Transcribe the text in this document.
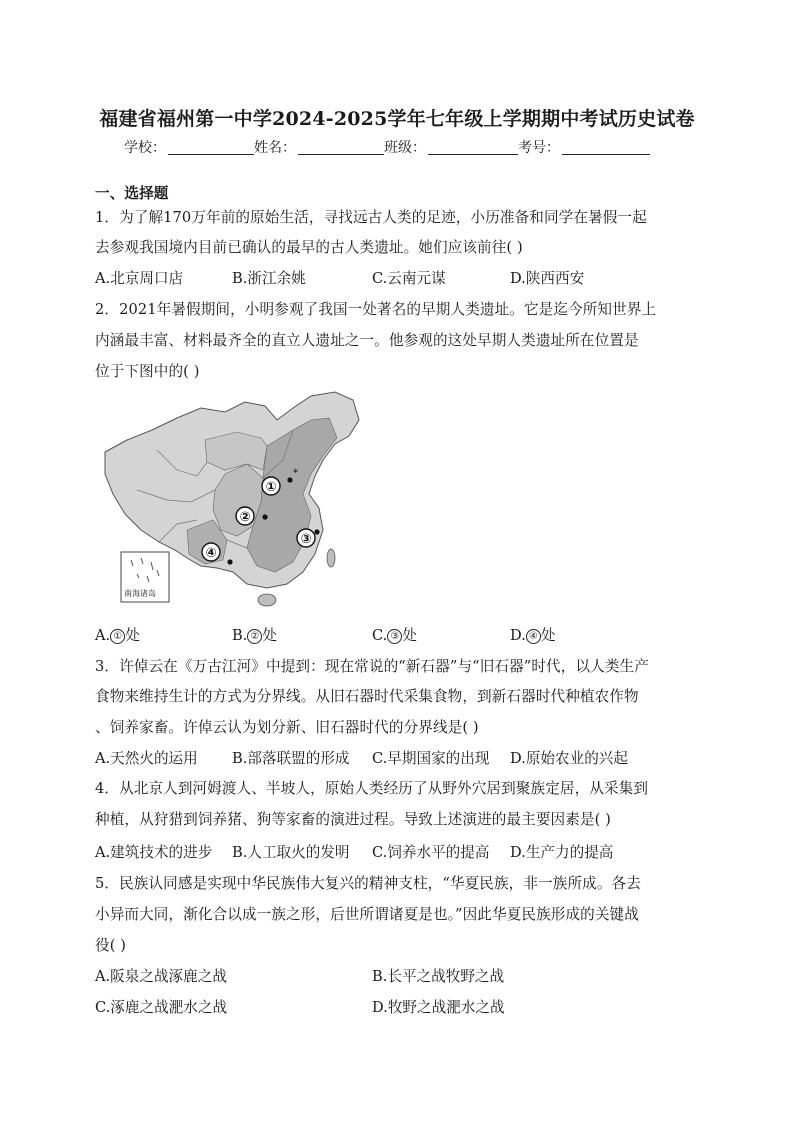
福建省福州第一中学2024-2025学年七年级上学期期中考试历史试卷
学校：	姓名：	班级：	考号：
一、选择题
1．为了解170万年前的原始生活，寻找远古人类的足迹，小历准备和同学在暑假一起
去参观我国境内目前已确认的最早的古人类遗址。她们应该前往( )
A.北京周口店	B.浙江余姚	C.云南元谋	D.陕西西安
2．2021年暑假期间，小明参观了我国一处著名的早期人类遗址。它是迄今所知世界上
内涵最丰富、材料最齐全的直立人遗址之一。他参观的这处早期人类遗址所在位置是
位于下图中的( )
南海诸岛
*
①
②
③
④
A. ① 处	B. ② 处	C. ③ 处	D. ④ 处
3．许倬云在《万古江河》中提到：现在常说的“新石器”与“旧石器”时代，以人类生产
食物来维持生计的方式为分界线。从旧石器时代采集食物，到新石器时代种植农作物
、饲养家畜。许倬云认为划分新、旧石器时代的分界线是( )
A.天然火的运用 B.部落联盟的形成 C.早期国家的出现 D.原始农业的兴起
4．从北京人到河姆渡人、半坡人，原始人类经历了从野外穴居到聚族定居，从采集到
种植，从狩猎到饲养猪、狗等家畜的演进过程。导致上述演进的最主要因素是( )
A.建筑技术的进步 B.人工取火的发明 C.饲养水平的提高 D.生产力的提高
5．民族认同感是实现中华民族伟大复兴的精神支柱，“华夏民族，非一族所成。各去
小异而大同，渐化合以成一族之形，后世所谓诸夏是也。”因此华夏民族形成的关键战
役( )
A.阪泉之战涿鹿之战	B.长平之战牧野之战
C.涿鹿之战淝水之战	D.牧野之战淝水之战
